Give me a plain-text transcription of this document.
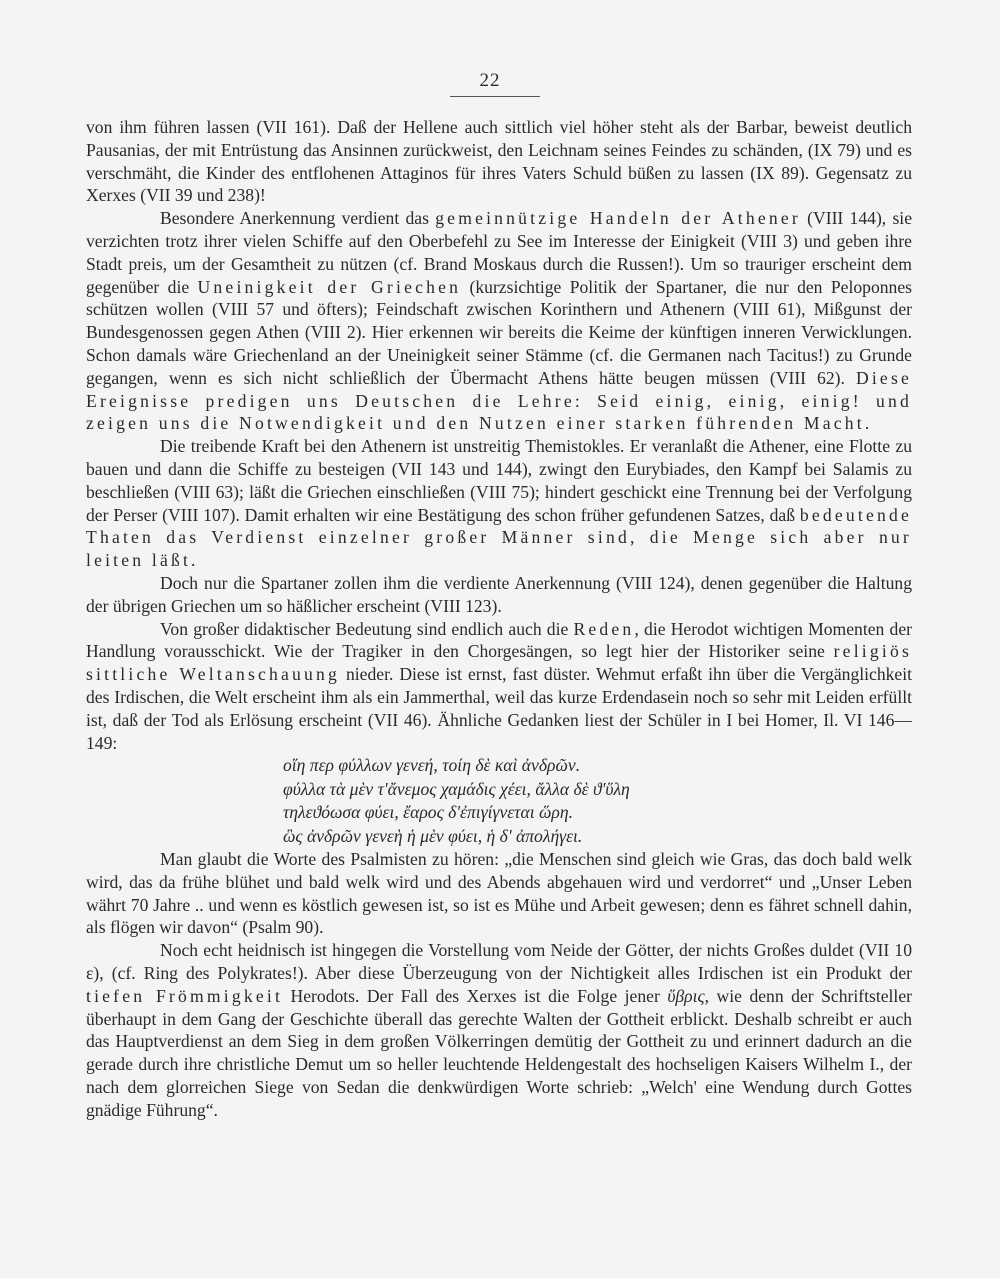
22

von ihm führen lassen (VII 161). Daß der Hellene auch sittlich viel höher steht als der Barbar, beweist deutlich Pausanias, der mit Entrüstung das Ansinnen zurückweist, den Leichnam seines Feindes zu schänden, (IX 79) und es verschmäht, die Kinder des entflohenen Attaginos für ihres Vaters Schuld büßen zu lassen (IX 89). Gegensatz zu Xerxes (VII 39 und 238)!

Besondere Anerkennung verdient das gemeinnützige Handeln der Athener (VIII 144), sie verzichten trotz ihrer vielen Schiffe auf den Oberbefehl zu See im Interesse der Einigkeit (VIII 3) und geben ihre Stadt preis, um der Gesamtheit zu nützen (cf. Brand Moskaus durch die Russen!). Um so trauriger erscheint dem gegenüber die Uneinigkeit der Griechen (kurzsichtige Politik der Spartaner, die nur den Peloponnes schützen wollen (VIII 57 und öfters); Feindschaft zwischen Korinthern und Athenern (VIII 61), Mißgunst der Bundesgenossen gegen Athen (VIII 2). Hier erkennen wir bereits die Keime der künftigen inneren Verwicklungen. Schon damals wäre Griechenland an der Uneinigkeit seiner Stämme (cf. die Germanen nach Tacitus!) zu Grunde gegangen, wenn es sich nicht schließlich der Übermacht Athens hätte beugen müssen (VIII 62). Diese Ereignisse predigen uns Deutschen die Lehre: Seid einig, einig, einig! und zeigen uns die Notwendigkeit und den Nutzen einer starken führenden Macht.

Die treibende Kraft bei den Athenern ist unstreitig Themistokles. Er veranlaßt die Athener, eine Flotte zu bauen und dann die Schiffe zu besteigen (VII 143 und 144), zwingt den Eurybiades, den Kampf bei Salamis zu beschließen (VIII 63); läßt die Griechen einschließen (VIII 75); hindert geschickt eine Trennung bei der Verfolgung der Perser (VIII 107). Damit erhalten wir eine Bestätigung des schon früher gefundenen Satzes, daß bedeutende Thaten das Verdienst einzelner großer Männer sind, die Menge sich aber nur leiten läßt.

Doch nur die Spartaner zollen ihm die verdiente Anerkennung (VIII 124), denen gegenüber die Haltung der übrigen Griechen um so häßlicher erscheint (VIII 123).

Von großer didaktischer Bedeutung sind endlich auch die Reden, die Herodot wichtigen Momenten der Handlung vorausschickt. Wie der Tragiker in den Chorgesängen, so legt hier der Historiker seine religiös sittliche Weltanschauung nieder. Diese ist ernst, fast düster. Wehmut erfaßt ihn über die Vergänglichkeit des Irdischen, die Welt erscheint ihm als ein Jammerthal, weil das kurze Erdendasein noch so sehr mit Leiden erfüllt ist, daß der Tod als Erlösung erscheint (VII 46). Ähnliche Gedanken liest der Schüler in I bei Homer, Il. VI 146—149:

οἵη περ φύλλων γενεή, τοίη δὲ καὶ ἀνδρῶν.
φύλλα τὰ μὲν τ'ἄνεμος χαμάδις χέει, ἄλλα δὲ ϑ'ὕλη
τηλεϑόωσα φύει, ἔαρος δ'ἐπιγίγνεται ὥρη.
ὣς ἀνδρῶν γενεὴ ἡ μὲν φύει, ἡ δ' ἀπολήγει.

Man glaubt die Worte des Psalmisten zu hören: „die Menschen sind gleich wie Gras, das doch bald welk wird, das da frühe blühet und bald welk wird und des Abends abgehauen wird und verdorret“ und „Unser Leben währt 70 Jahre .. und wenn es köstlich gewesen ist, so ist es Mühe und Arbeit gewesen; denn es fähret schnell dahin, als flögen wir davon“ (Psalm 90).

Noch echt heidnisch ist hingegen die Vorstellung vom Neide der Götter, der nichts Großes duldet (VII 10 ε), (cf. Ring des Polykrates!). Aber diese Überzeugung von der Nichtigkeit alles Irdischen ist ein Produkt der tiefen Frömmigkeit Herodots. Der Fall des Xerxes ist die Folge jener ὕβρις, wie denn der Schriftsteller überhaupt in dem Gang der Geschichte überall das gerechte Walten der Gottheit erblickt. Deshalb schreibt er auch das Hauptverdienst an dem Sieg in dem großen Völkerringen demütig der Gottheit zu und erinnert dadurch an die gerade durch ihre christliche Demut um so heller leuchtende Heldengestalt des hochseligen Kaisers Wilhelm I., der nach dem glorreichen Siege von Sedan die denkwürdigen Worte schrieb: „Welch' eine Wendung durch Gottes gnädige Führung“.
